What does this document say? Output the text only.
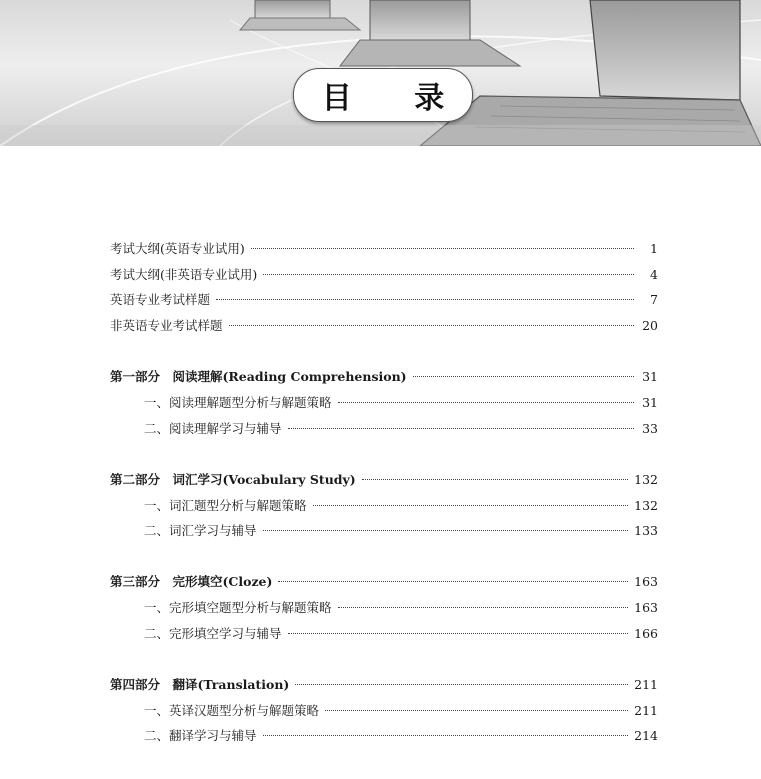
目 录
考试大纲(英语专业试用)	1
考试大纲(非英语专业试用)	4
英语专业考试样题	7
非英语专业考试样题	20
第一部分　阅读理解(Reading Comprehension)	31
一、阅读理解题型分析与解题策略	31
二、阅读理解学习与辅导	33
第二部分　词汇学习(Vocabulary Study)	132
一、词汇题型分析与解题策略	132
二、词汇学习与辅导	133
第三部分　完形填空(Cloze)	163
一、完形填空题型分析与解题策略	163
二、完形填空学习与辅导	166
第四部分　翻译(Translation)	211
一、英译汉题型分析与解题策略	211
二、翻译学习与辅导	214
